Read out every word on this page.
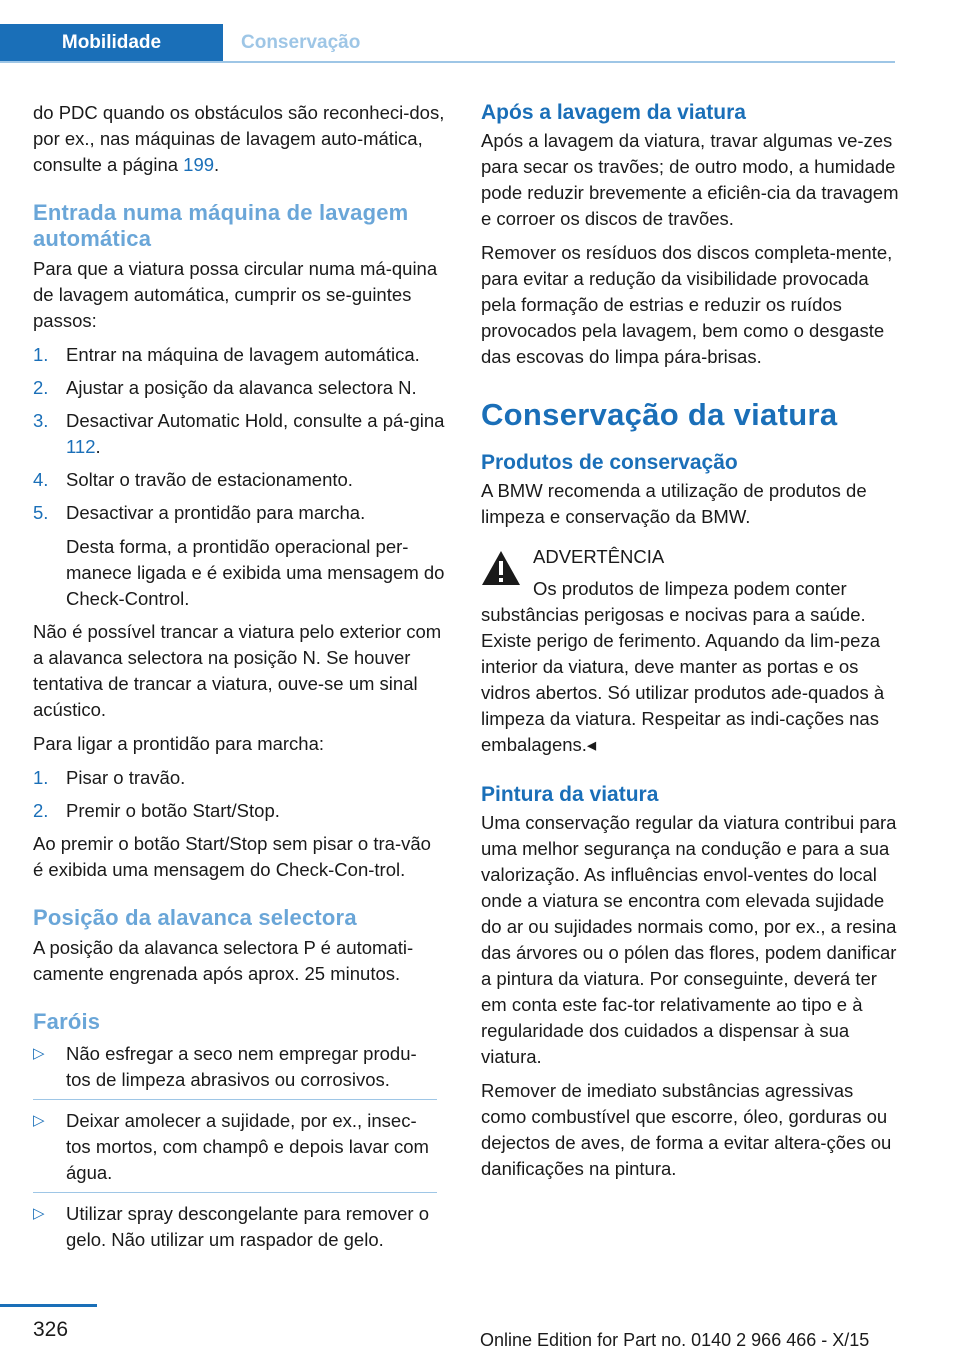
Mobilidade	Conservação

do PDC quando os obstáculos são reconheci-dos, por ex., nas máquinas de lavagem auto-mática, consulte a página 199.

Entrada numa máquina de lavagem automática

Para que a viatura possa circular numa má-quina de lavagem automática, cumprir os se-guintes passos:

1. Entrar na máquina de lavagem automática.
2. Ajustar a posição da alavanca selectora N.
3. Desactivar Automatic Hold, consulte a pá-gina 112.
4. Soltar o travão de estacionamento.
5. Desactivar a prontidão para marcha.
Desta forma, a prontidão operacional per-manece ligada e é exibida uma mensagem do Check-Control.

Não é possível trancar a viatura pelo exterior com a alavanca selectora na posição N. Se houver tentativa de trancar a viatura, ouve-se um sinal acústico.

Para ligar a prontidão para marcha:

1. Pisar o travão.
2. Premir o botão Start/Stop.

Ao premir o botão Start/Stop sem pisar o tra-vão é exibida uma mensagem do Check-Con-trol.

Posição da alavanca selectora

A posição da alavanca selectora P é automati-camente engrenada após aprox. 25 minutos.

Faróis
▷ Não esfregar a seco nem empregar produ-tos de limpeza abrasivos ou corrosivos.
▷ Deixar amolecer a sujidade, por ex., insec-tos mortos, com champô e depois lavar com água.
▷ Utilizar spray descongelante para remover o gelo. Não utilizar um raspador de gelo.
Após a lavagem da viatura

Após a lavagem da viatura, travar algumas ve-zes para secar os travões; de outro modo, a humidade pode reduzir brevemente a eficiên-cia da travagem e corroer os discos de travões.

Remover os resíduos dos discos completa-mente, para evitar a redução da visibilidade provocada pela formação de estrias e reduzir os ruídos provocados pela lavagem, bem como o desgaste das escovas do limpa pára-brisas.

Conservação da viatura
Produtos de conservação

A BMW recomenda a utilização de produtos de limpeza e conservação da BMW.

ADVERTÊNCIA

Os produtos de limpeza podem conter

substâncias perigosas e nocivas para a saúde. Existe perigo de ferimento. Aquando da lim-peza interior da viatura, deve manter as portas e os vidros abertos. Só utilizar produtos ade-quados à limpeza da viatura. Respeitar as indi-cações nas embalagens.◂

Pintura da viatura

Uma conservação regular da viatura contribui para uma melhor segurança na condução e para a sua valorização. As influências envol-ventes do local onde a viatura se encontra com elevada sujidade do ar ou sujidades normais como, por ex., a resina das árvores ou o pólen das flores, podem danificar a pintura da viatura. Por conseguinte, deverá ter em conta este fac-tor relativamente ao tipo e à regularidade dos cuidados a dispensar à sua viatura.

Remover de imediato substâncias agressivas como combustível que escorre, óleo, gorduras ou dejectos de aves, de forma a evitar altera-ções ou danificações na pintura.

326	Online Edition for Part no. 0140 2 966 466 - X/15
